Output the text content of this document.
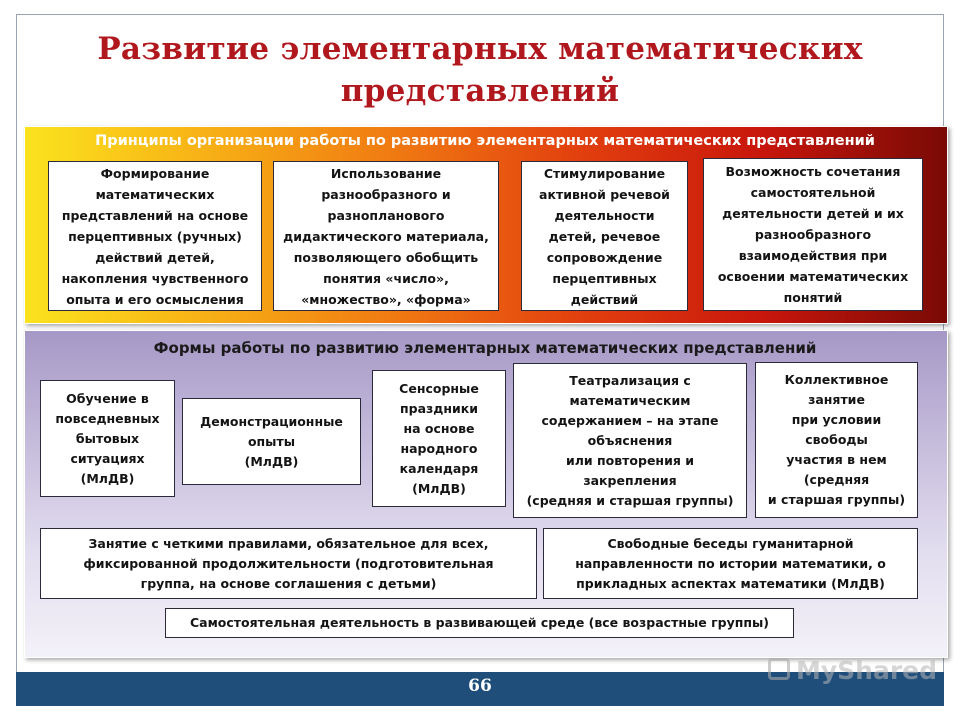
Развитие элементарных математических
представлений
Принципы организации работы по развитию элементарных математических представлений
Формирование
математических
представлений на основе
перцептивных (ручных)
действий детей,
накопления чувственного
опыта и его осмысления
Использование
разнообразного и
разнопланового
дидактического материала,
позволяющего обобщить
понятия «число»,
«множество», «форма»
Стимулирование
активной речевой
деятельности
детей, речевое
сопровождение
перцептивных
действий
Возможность сочетания
самостоятельной
деятельности детей и их
разнообразного
взаимодействия при
освоении математических
понятий
Формы работы по развитию элементарных математических представлений
Обучение в
повседневных
бытовых
ситуациях
(МлДВ)
Демонстрационные
опыты
(МлДВ)
Сенсорные
праздники
на основе
народного
календаря
(МлДВ)
Театрализация с
математическим
содержанием – на этапе
объяснения
или повторения и
закрепления
(средняя и старшая группы)
Коллективное
занятие
при условии
свободы
участия в нем
(средняя
и старшая группы)
Занятие с четкими правилами, обязательное для всех,
фиксированной продолжительности (подготовительная
группа, на основе соглашения с детьми)
Свободные беседы гуманитарной
направленности по истории математики, о
прикладных аспектах математики (МлДВ)
Самостоятельная деятельность в развивающей среде (все возрастные группы)
66
MyShared
